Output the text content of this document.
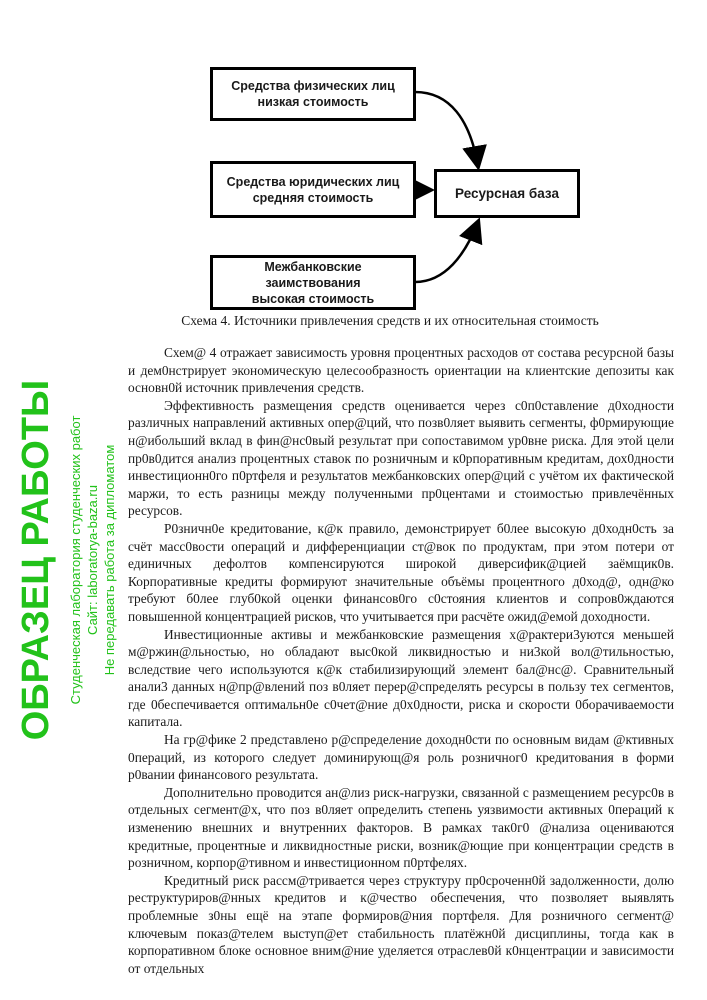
Средства физических лиц
низкая стоимость
Средства юридических лиц
средняя стоимость
Межбанковские
заимствования
высокая стоимость
Ресурсная база
Схема 4. Источники привлечения средств и их относительная стоимость

Схем@ 4 отражает зависимость уровня процентных расходов от состава ресурсной базы и дем0нстрирует экономическую целесообразность ориентации на клиентские депозиты как основн0й источник привлечения средств.

Эффективность размещения средств оценивается через с0п0ставление д0ходности различных направлений активных опер@ций, что позв0ляет выявить сегменты, ф0рмирующие н@ибольший вклад в фин@нс0вый результат при сопоставимом ур0вне риска. Для этой цели пр0в0дится анализ процентных ставок по розничным и к0рпоративным кредитам, дох0дности инвестиционн0го п0ртфеля и результатов межбанковских опер@ций с учётом их фактической маржи, то есть разницы между полученными пр0центами и стоимостью привлечённых ресурсов.

Р0зничн0е кредитование, к@к правило, демонстрирует б0лее высокую д0ходн0сть за счёт масс0вости операций и дифференциации ст@вок по продуктам, при этом потери от единичных дефолтов компенсируются широкой диверсифик@цией заёмщик0в. Корпоративные кредиты формируют значительные объёмы процентного д0ход@, одн@ко требуют б0лее глуб0кой оценки финансов0го с0стояния клиентов и сопров0ждаются повышенной концентрацией рисков, что учитывается при расчёте ожид@емой доходности.

Инвестиционные активы и межбанковские размещения х@рактери3уются меньшей м@ржин@льностью, но обладают выс0кой ликвидностью и ни3кой вол@тильностью, вследствие чего используются к@к стабилизирующий элемент бал@нс@. Сравнительный анали3 данных н@пр@влений поз в0ляет перер@спределять ресурсы в пользу тех сегментов, где 0беспечивается оптимальн0е с0чет@ние д0х0дности, риска и скорости 0борачиваемости капитала.

На гр@фике 2 представлено р@спределение доходн0сти по основным видам @ктивных 0пераций, из которого следует доминирующ@я роль розничног0 кредитования в форми р0вании финансового результата.

Дополнительно проводится ан@лиз риск-нагрузки, связанной с размещением ресурс0в в отдельных сегмент@х, что поз в0ляет определить степень уязвимости активных 0пераций к изменению внешних и внутренних факторов. В рамках так0г0 @нализа оцениваются кредитные, процентные и ликвидностные риски, возник@ющие при концентрации средств в розничном, корпор@тивном и инвестиционном п0ртфелях.

Кредитный риск рассм@тривается через структуру пр0сроченн0й задолженности, долю реструктуриров@нных кредитов и к@чество обеспечения, что позволяет выявлять проблемные з0ны ещё на этапе формиров@ния портфеля. Для розничного сегмент@ ключевым показ@телем выступ@ет стабильность платёжн0й дисциплины, тогда как в корпоративном блоке основное вним@ние уделяется отраслев0й к0нцентрации и зависимости от отдельных

ОБРАЗЕЦ РАБОТЫ Студенческая лаборатория студенческих работ Сайт: laboratorya-baza.ru Не передавать работа за дипломатом
